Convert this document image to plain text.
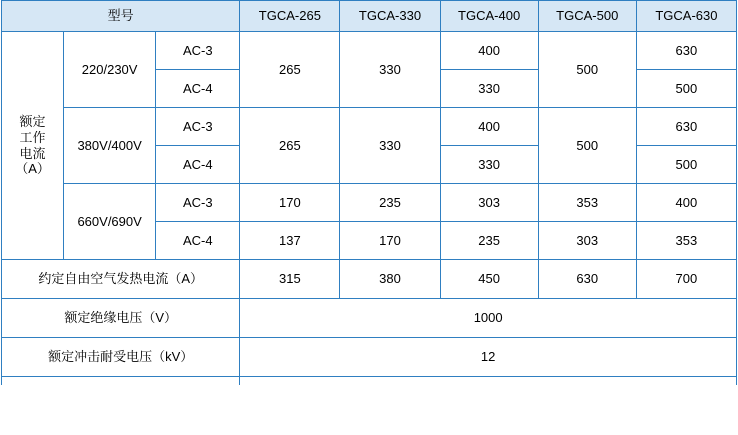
型号			TGCA-265	TGCA-330	TGCA-400	TGCA-500	TGCA-630

额定
工作
电流
（A）	220/230V	AC-3	265	330	400	500	630
		AC-4			330		500
	380V/400V	AC-3	265	330	400	500	630
		AC-4			330		500
	660V/690V	AC-3	170	235	303	353	400
		AC-4	137	170	235	303	353
约定自由空气发热电流（A）			315	380	450	630	700
额定绝缘电压（V）			1000				
额定冲击耐受电压（kV）			12				
